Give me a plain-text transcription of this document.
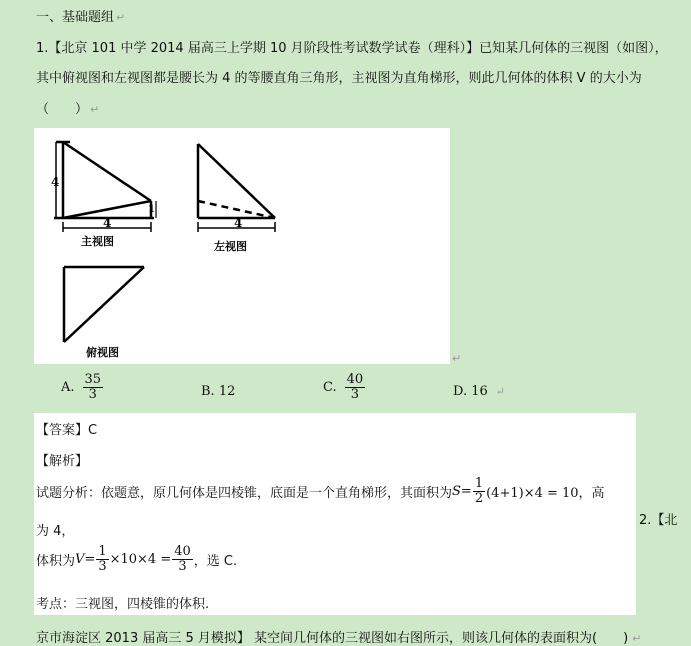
一、基础题组 ↵
1.【北京 101 中学 2014 届高三上学期 10 月阶段性考试数学试卷（理科）】已知某几何体的三视图（如图），
其中俯视图和左视图都是腰长为 4 的等腰直角三角形，主视图为直角梯形，则此几何体的体积 V 的大小为
（　　） ↵
4
4
1
主视图
4
左视图
俯视图	↵
A. $\frac{35}{3}$	B. 12	C. $\frac{40}{3}$	D. 16 ↵
【答案】C
【解析】
试题分析：依题意，原几何体是四棱锥，底面是一个直角梯形，其面积为 $S = \frac{1}{2} (4+1)\times 4 = 10$，高
为 4，
体积为 $V = \frac{1}{3} \times 10\times 4 = \frac{40}{3}$ ，选 C.
考点：三视图，四棱锥的体积.
2.【北
京市海淀区 2013 届高三 5 月模拟】 某空间几何体的三视图如右图所示，则该几何体的表面积为(　　) ↵
